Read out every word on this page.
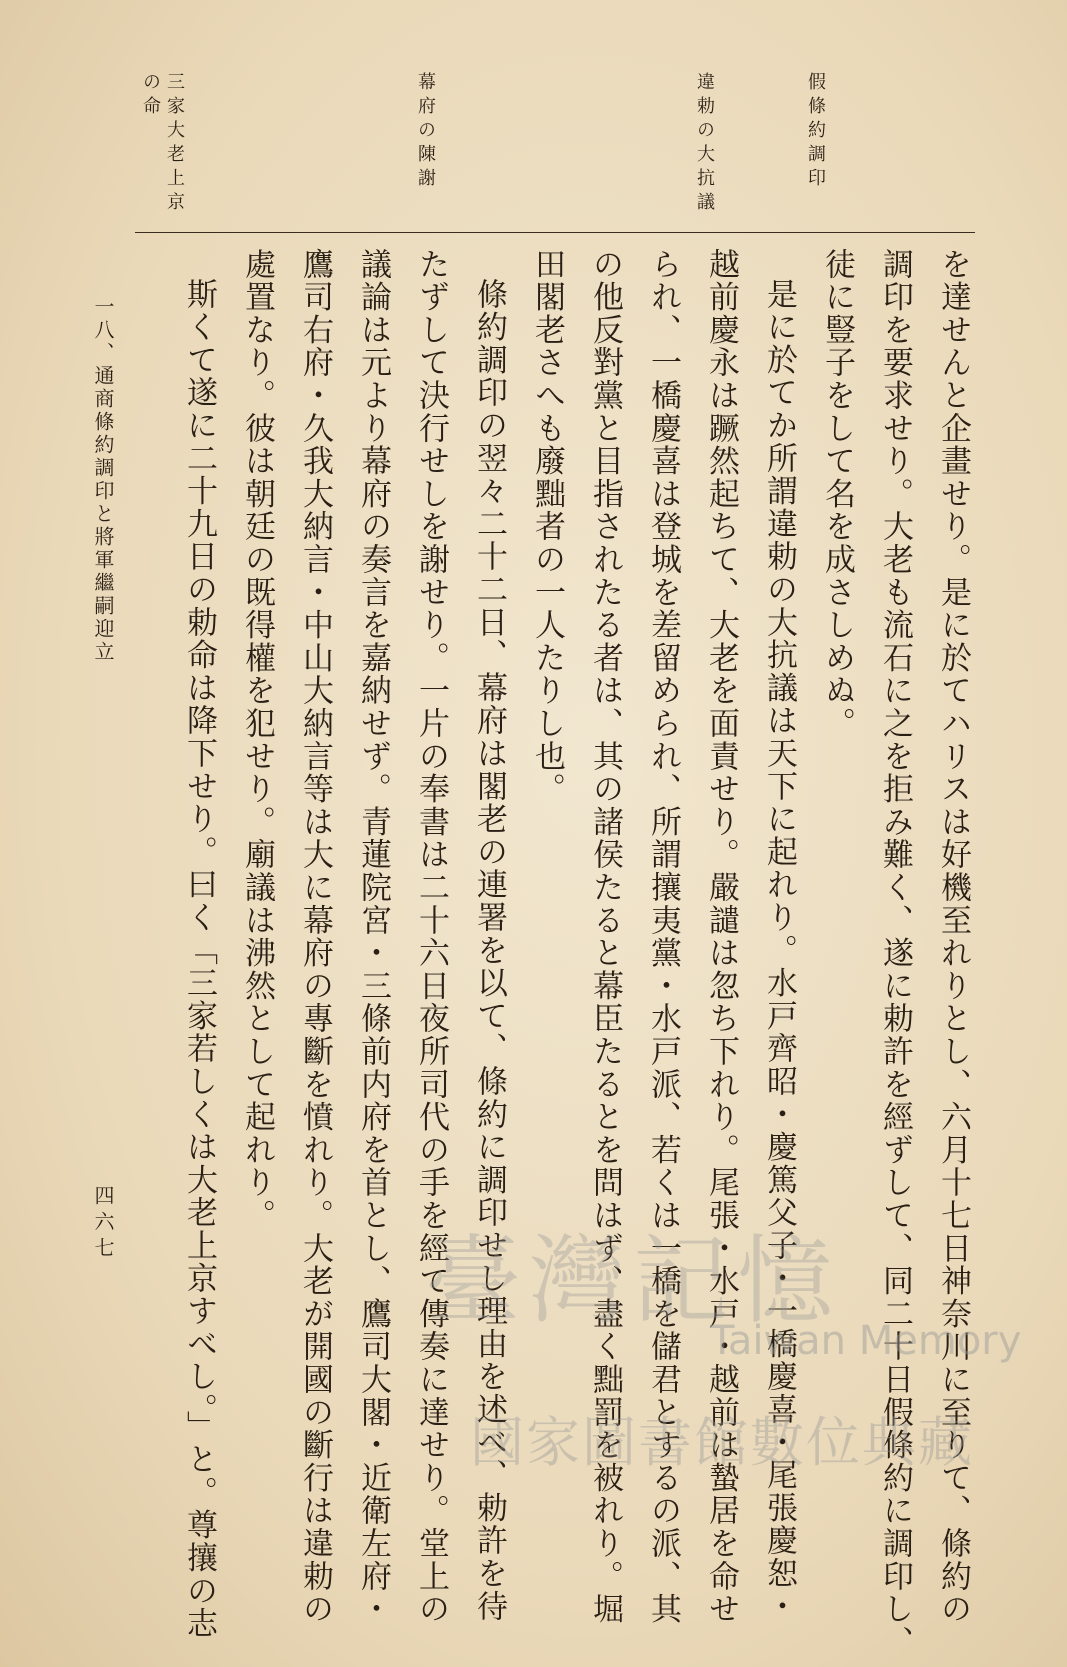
假條約調印
違勅の大抗議
幕府の陳謝
三家大老上京
の命
を達せんと企畫せり。是に於てハリスは好機至れりとし、六月十七日神奈川に至りて、條約の
調印を要求せり。大老も流石に之を拒み難く、遂に勅許を經ずして、同二十日假條約に調印し、
徒に豎子をして名を成さしめぬ。
是に於てか所謂違勅の大抗議は天下に起れり。水戸齊昭・慶篤父子・一橋慶喜・尾張慶恕・
越前慶永は蹶然起ちて、大老を面責せり。嚴譴は忽ち下れり。尾張・水戸・越前は蟄居を命せ
られ、一橋慶喜は登城を差留められ、所謂攘夷黨・水戸派、若くは一橋を儲君とするの派、其
の他反對黨と目指されたる者は、其の諸侯たると幕臣たるとを問はず、盡く黜罰を被れり。堀
田閣老さへも廢黜者の一人たりし也。
條約調印の翌々二十二日、幕府は閣老の連署を以て、條約に調印せし理由を述べ、勅許を待
たずして決行せしを謝せり。一片の奉書は二十六日夜所司代の手を經て傳奏に達せり。堂上の
議論は元より幕府の奏言を嘉納せず。青蓮院宮・三條前内府を首とし、鷹司大閣・近衛左府・
鷹司右府・久我大納言・中山大納言等は大に幕府の專斷を憤れり。大老が開國の斷行は違勅の
處置なり。彼は朝廷の既得權を犯せり。廟議は沸然として起れり。
斯くて遂に二十九日の勅命は降下せり。曰く「三家若しくは大老上京すべし。」と。尊攘の志
一八、通商條約調印と將軍繼嗣迎立
四六七
臺灣記憶
Taiwan Memory
國家圖書館數位典藏
